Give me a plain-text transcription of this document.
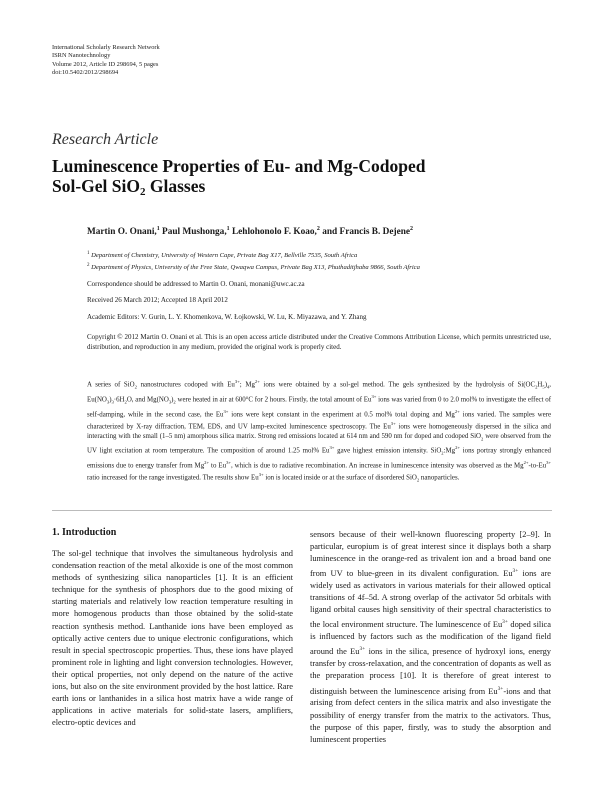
International Scholarly Research Network
ISRN Nanotechnology
Volume 2012, Article ID 298694, 5 pages
doi:10.5402/2012/298694
Research Article
Luminescence Properties of Eu- and Mg-Codoped
Sol-Gel SiO$_2$ Glasses
Martin O. Onani,$^1$ Paul Mushonga,$^1$ Lehlohonolo F. Koao,$^2$ and Francis B. Dejene$^2$
$^1$ Department of Chemistry, University of Western Cape, Private Bag X17, Bellville 7535, South Africa
$^2$ Department of Physics, University of the Free State, Qwaqwa Campus, Private Bag X13, Phuthaditjhaba 9866, South Africa
Correspondence should be addressed to Martin O. Onani, monani@uwc.ac.za
Received 26 March 2012; Accepted 18 April 2012
Academic Editors: V. Gurin, L. Y. Khomenkova, W. Łojkowski, W. Lu, K. Miyazawa, and Y. Zhang
Copyright © 2012 Martin O. Onani et al. This is an open access article distributed under the Creative Commons Attribution License, which permits unrestricted use, distribution, and reproduction in any medium, provided the original work is properly cited.
A series of SiO$_2$ nanostructures codoped with $Eu^{3+}$; $Mg^{2+}$ ions were obtained by a sol-gel method. The gels synthesized by the hydrolysis of $Si(OC_2H_5)_4$, $Eu(NO_3)_3\cdot 6H_2O$, and $Mg(NO_3)_2$ were heated in air at 600°C for 2 hours. Firstly, the total amount of $Eu^{3+}$ ions was varied from 0 to 2.0 mol% to investigate the effect of self-damping, while in the second case, the $Eu^{3+}$ ions were kept constant in the experiment at 0.5 mol% total doping and $Mg^{2+}$ ions varied. The samples were characterized by X-ray diffraction, TEM, EDS, and UV lamp-excited luminescence spectroscopy. The $Eu^{3+}$ ions were homogeneously dispersed in the silica and interacting with the small (1–5 nm) amorphous silica matrix. Strong red emissions located at 614 nm and 590 nm for doped and codoped SiO$_2$ were observed from the UV light excitation at room temperature. The composition of around 1.25 mol% $Eu^{3+}$ gave highest emission intensity. $SiO_2:Mg^{2+}$ ions portray strongly enhanced emissions due to energy transfer from $Mg^{2+}$ to $Eu^{3+}$, which is due to radiative recombination. An increase in luminescence intensity was observed as the $Mg^{2+}-to-Eu^{3+}$ ratio increased for the range investigated. The results show $Eu^{3+}$ ion is located inside or at the surface of disordered SiO$_2$ nanoparticles.
1. Introduction
The sol-gel technique that involves the simultaneous hydrolysis and condensation reaction of the metal alkoxide is one of the most common methods of synthesizing silica nanoparticles [1]. It is an efficient technique for the synthesis of phosphors due to the good mixing of starting materials and relatively low reaction temperature resulting in more homogenous products than those obtained by the solid-state reaction synthesis method. Lanthanide ions have been employed as optically active centers due to unique electronic configurations, which result in special spectroscopic properties. Thus, these ions have played prominent role in lighting and light conversion technologies. However, their optical properties, not only depend on the nature of the active ions, but also on the site environment provided by the host lattice. Rare earth ions or lanthanides in a silica host matrix have a wide range of applications in active materials for solid-state lasers, amplifiers, electro-optic devices and
sensors because of their well-known fluorescing property [2–9]. In particular, europium is of great interest since it displays both a sharp luminescence in the orange-red as trivalent ion and a broad band one from UV to blue-green in its divalent configuration. $Eu^{3+}$ ions are widely used as activators in various materials for their allowed optical transitions of 4f–5d. A strong overlap of the activator 5d orbitals with ligand orbital causes high sensitivity of their spectral characteristics to the local environment structure. The luminescence of $Eu^{3+}$ doped silica is influenced by factors such as the modification of the ligand field around the $Eu^{3+}$ ions in the silica, presence of hydroxyl ions, energy transfer by cross-relaxation, and the concentration of dopants as well as the preparation process [10]. It is therefore of great interest to distinguish between the luminescence arising from $Eu^{3+}$-ions and that arising from defect centers in the silica matrix and also investigate the possibility of energy transfer from the matrix to the activators. Thus, the purpose of this paper, firstly, was to study the absorption and luminescent properties
